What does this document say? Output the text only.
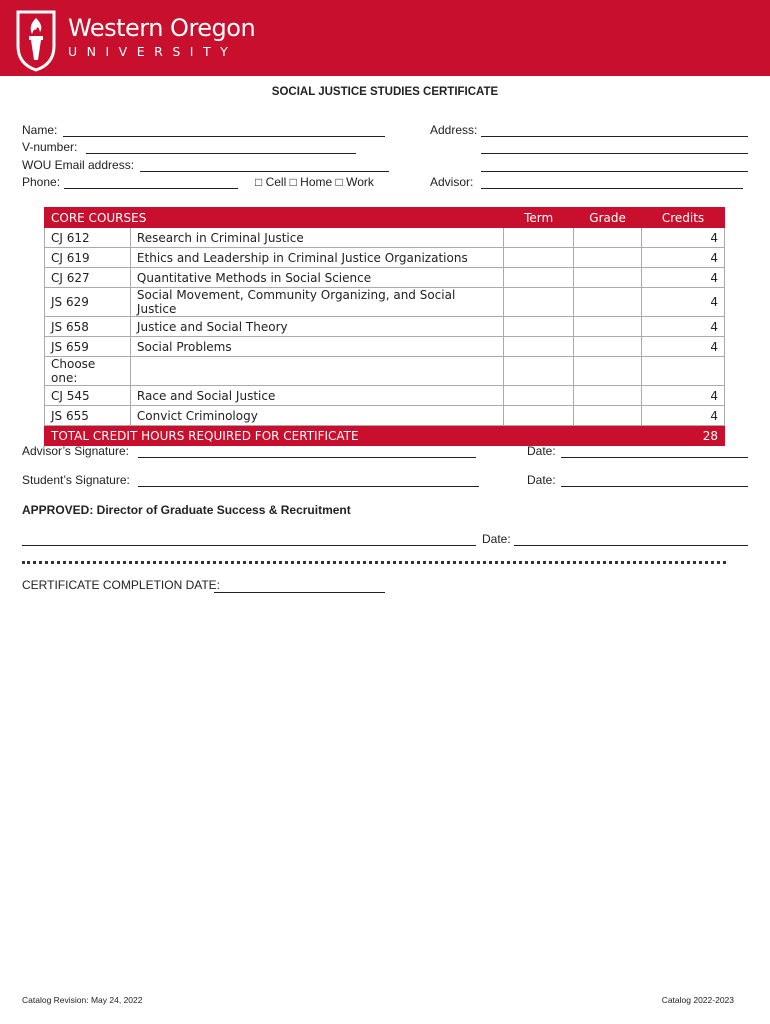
Western Oregon
UNIVERSITY
SOCIAL JUSTICE STUDIES CERTIFICATE
Name:
V-number:
WOU Email address:
Phone:	□ Cell □ Home □ Work
Address:
Advisor:
CORE COURSES		Term	Grade	Credits
CJ 612	Research in Criminal Justice			4
CJ 619	Ethics and Leadership in Criminal Justice Organizations			4
CJ 627	Quantitative Methods in Social Science			4
JS 629	Social Movement, Community Organizing, and Social Justice			4
JS 658	Justice and Social Theory			4
JS 659	Social Problems			4
Choose one:				
CJ 545	Race and Social Justice			4
JS 655	Convict Criminology			4
TOTAL CREDIT HOURS REQUIRED FOR CERTIFICATE				28
Advisor’s Signature:	Date:
Student’s Signature:	Date:
APPROVED: Director of Graduate Success & Recruitment
Date:
CERTIFICATE COMPLETION DATE:
Catalog Revision: May 24, 2022	Catalog 2022-2023
